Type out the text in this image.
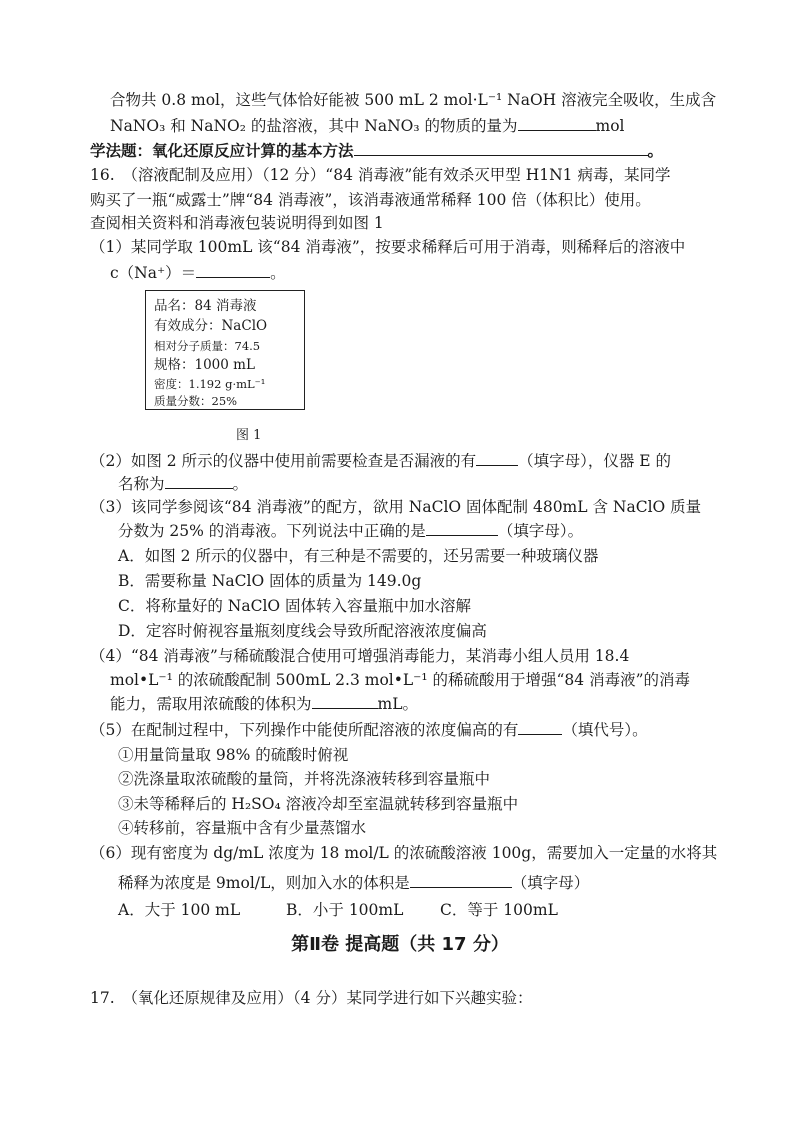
合物共 0.8 mol，这些气体恰好能被 500 mL 2 mol·L⁻¹ NaOH 溶液完全吸收，生成含
NaNO₃ 和 NaNO₂ 的盐溶液，其中 NaNO₃ 的物质的量为	mol
学法题：氧化还原反应计算的基本方法	。
16.　（溶液配制及应用）（12 分）“84 消毒液”能有效杀灭甲型 H1N1 病毒，某同学
购买了一瓶“威露士”牌“84 消毒液”，该消毒液通常稀释 100 倍（体积比）使用。
查阅相关资料和消毒液包装说明得到如图 1
（1）某同学取 100mL 该“84 消毒液”，按要求稀释后可用于消毒，则稀释后的溶液中
c（Na⁺）＝	。
品名：84 消毒液
有效成分：NaClO
相对分子质量：74.5
规格：1000 mL
密度：1.192 g·mL⁻¹
质量分数：25%
图 1
（2）如图 2 所示的仪器中使用前需要检查是否漏液的有	（填字母），仪器 E 的
名称为	。
（3）该同学参阅该“84 消毒液”的配方，欲用 NaClO 固体配制 480mL 含 NaClO 质量
分数为 25% 的消毒液。下列说法中正确的是	（填字母）。
A．如图 2 所示的仪器中，有三种是不需要的，还另需要一种玻璃仪器
B．需要称量 NaClO 固体的质量为 149.0g
C．将称量好的 NaClO 固体转入容量瓶中加水溶解
D．定容时俯视容量瓶刻度线会导致所配溶液浓度偏高
（4）“84 消毒液”与稀硫酸混合使用可增强消毒能力，某消毒小组人员用 18.4
mol•L⁻¹ 的浓硫酸配制 500mL 2.3 mol•L⁻¹ 的稀硫酸用于增强“84 消毒液”的消毒
能力，需取用浓硫酸的体积为	mL。
（5）在配制过程中，下列操作中能使所配溶液的浓度偏高的有	（填代号）。
①用量筒量取 98% 的硫酸时俯视
②洗涤量取浓硫酸的量筒，并将洗涤液转移到容量瓶中
③未等稀释后的 H₂SO₄ 溶液冷却至室温就转移到容量瓶中
④转移前，容量瓶中含有少量蒸馏水
（6）现有密度为 dg/mL 浓度为 18 mol/L 的浓硫酸溶液 100g，需要加入一定量的水将其
稀释为浓度是 9mol/L，则加入水的体积是	（填字母）
A．大于 100 mL	B．小于 100mL C．等于 100mL
第Ⅱ卷 提高题（共 17 分）
17.　（氧化还原规律及应用）（4 分）某同学进行如下兴趣实验：
